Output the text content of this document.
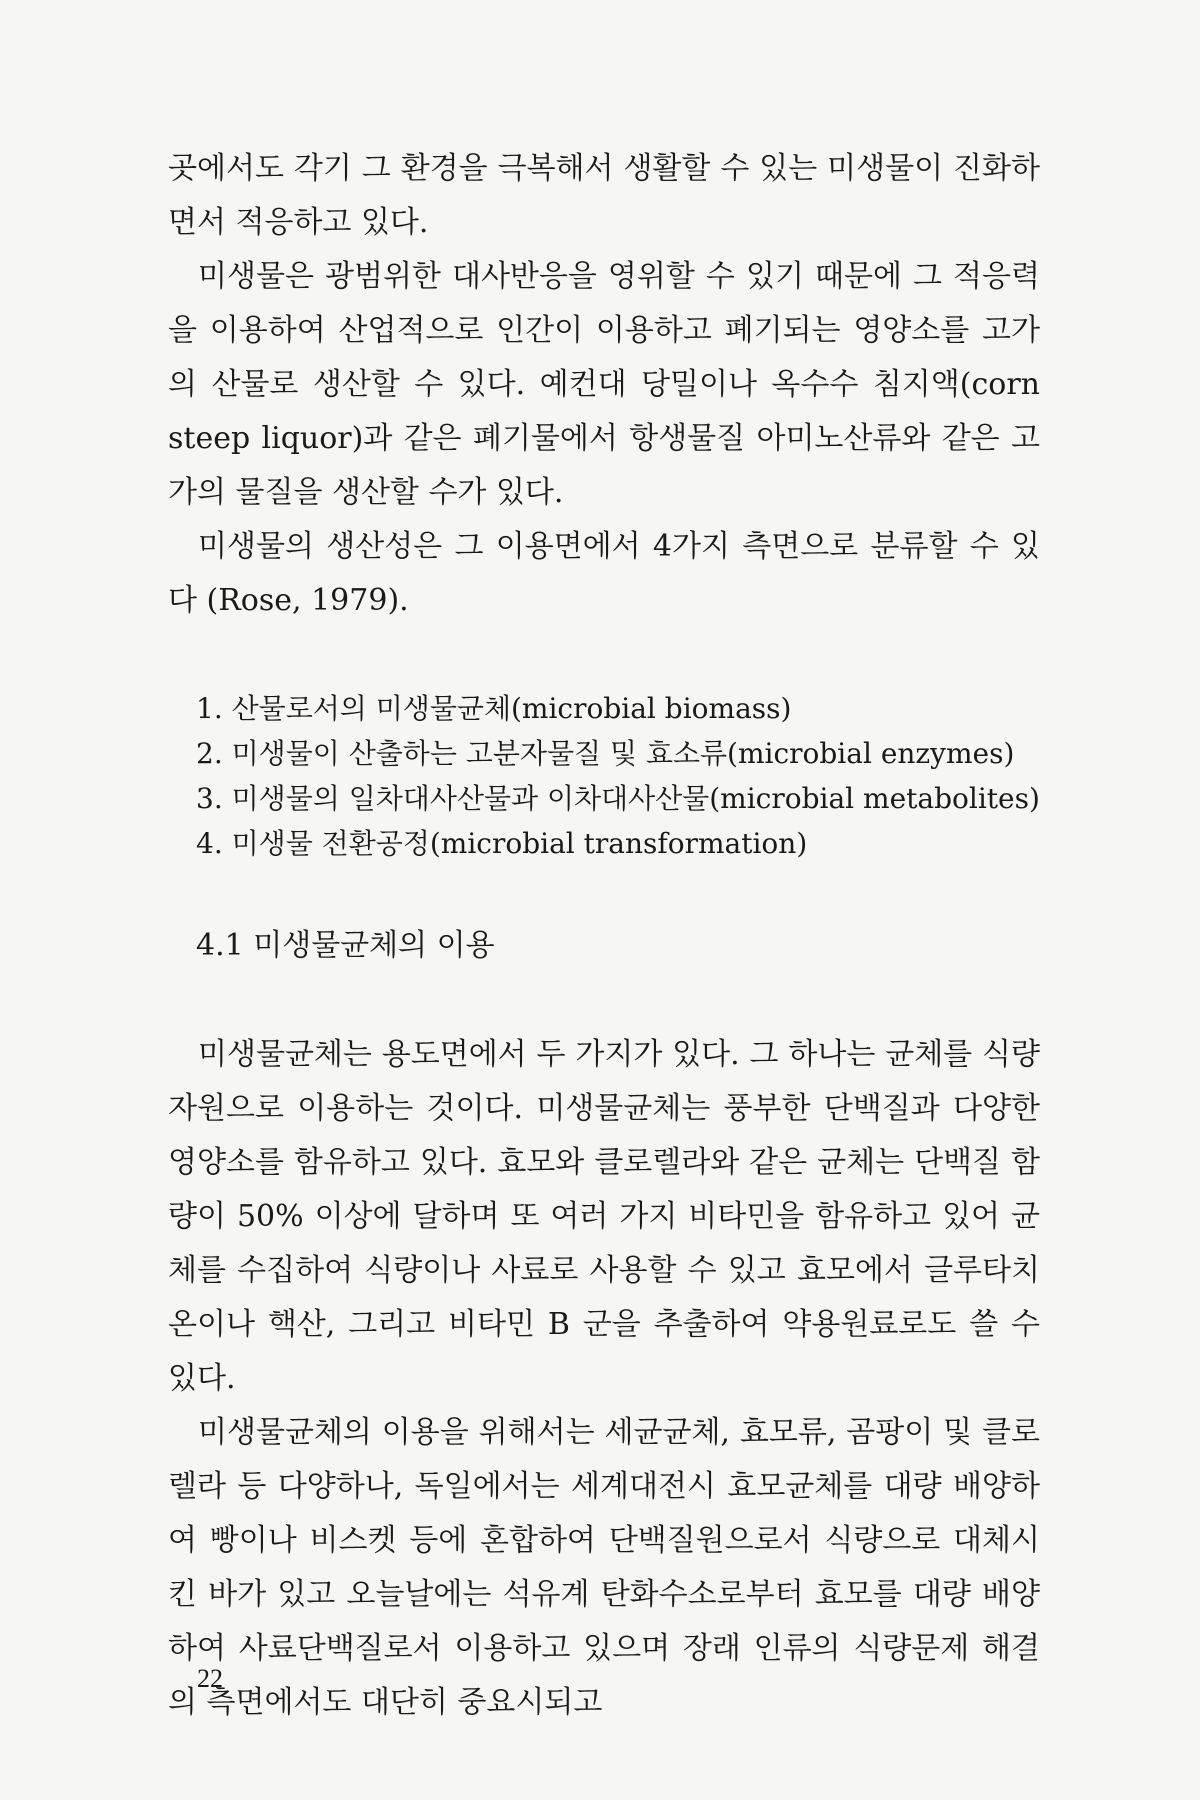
곳에서도 각기 그 환경을 극복해서 생활할 수 있는 미생물이 진화하면서 적응하고 있다.

미생물은 광범위한 대사반응을 영위할 수 있기 때문에 그 적응력을 이용하여 산업적으로 인간이 이용하고 폐기되는 영양소를 고가의 산물로 생산할 수 있다. 예컨대 당밀이나 옥수수 침지액(corn steep liquor)과 같은 폐기물에서 항생물질 아미노산류와 같은 고가의 물질을 생산할 수가 있다.

미생물의 생산성은 그 이용면에서 4가지 측면으로 분류할 수 있다 (Rose, 1979).

1. 산물로서의 미생물균체(microbial biomass)
2. 미생물이 산출하는 고분자물질 및 효소류(microbial enzymes)
3. 미생물의 일차대사산물과 이차대사산물(microbial metabolites)
4. 미생물 전환공정(microbial transformation)
4.1 미생물균체의 이용

미생물균체는 용도면에서 두 가지가 있다. 그 하나는 균체를 식량자원으로 이용하는 것이다. 미생물균체는 풍부한 단백질과 다양한 영양소를 함유하고 있다. 효모와 클로렐라와 같은 균체는 단백질 함량이 50% 이상에 달하며 또 여러 가지 비타민을 함유하고 있어 균체를 수집하여 식량이나 사료로 사용할 수 있고 효모에서 글루타치온이나 핵산, 그리고 비타민 B 군을 추출하여 약용원료로도 쓸 수 있다.

미생물균체의 이용을 위해서는 세균균체, 효모류, 곰팡이 및 클로렐라 등 다양하나, 독일에서는 세계대전시 효모균체를 대량 배양하여 빵이나 비스켓 등에 혼합하여 단백질원으로서 식량으로 대체시킨 바가 있고 오늘날에는 석유계 탄화수소로부터 효모를 대량 배양하여 사료단백질로서 이용하고 있으며 장래 인류의 식량문제 해결의 측면에서도 대단히 중요시되고

22
